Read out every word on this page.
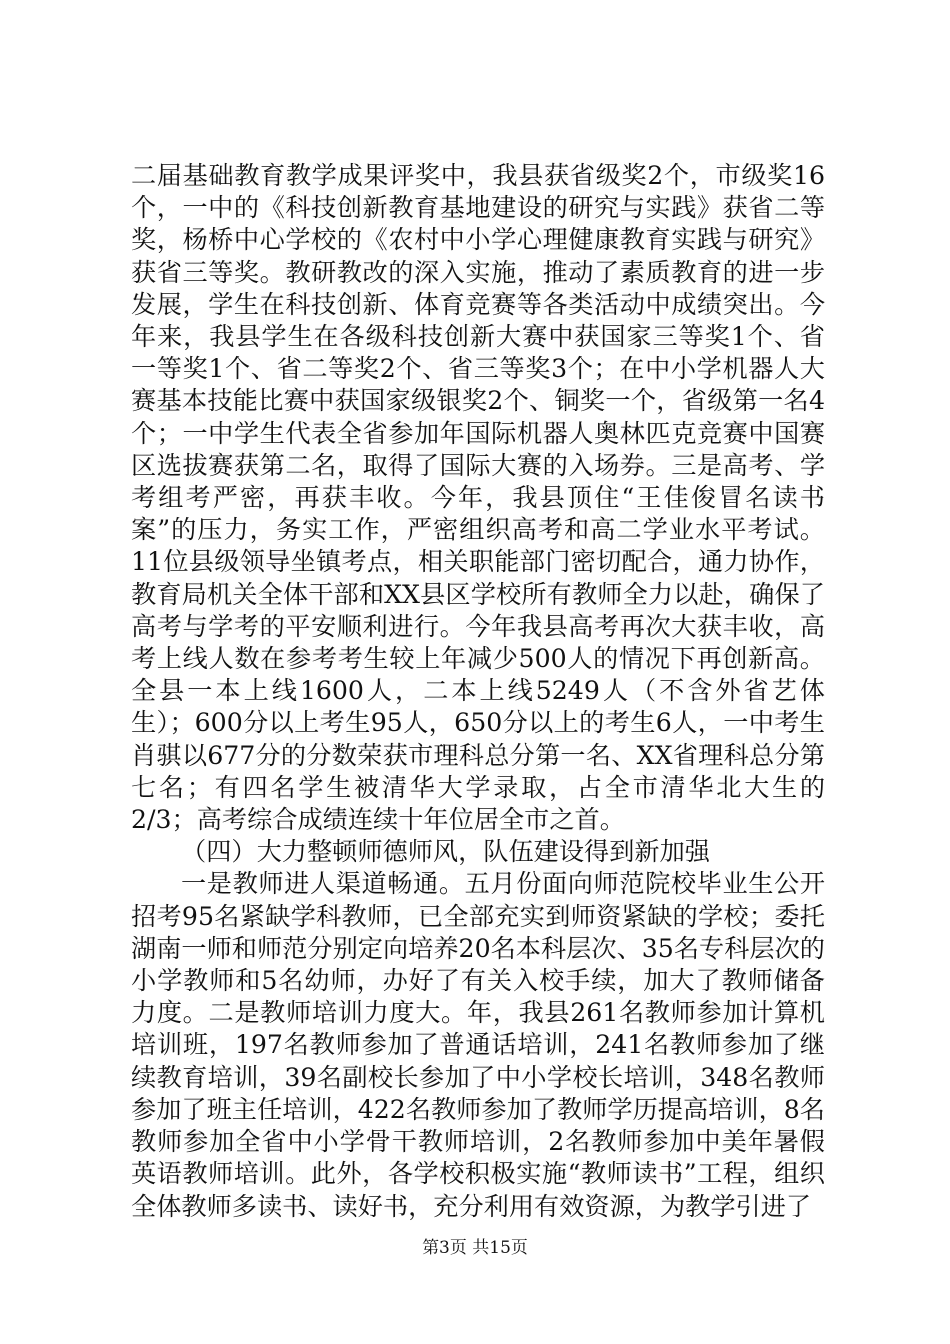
二届基础教育教学成果评奖中，我县获省级奖2个，市级奖16个，一中的《科技创新教育基地建设的研究与实践》获省二等奖，杨桥中心学校的《农村中小学心理健康教育实践与研究》获省三等奖。教研教改的深入实施，推动了素质教育的进一步发展，学生在科技创新、体育竞赛等各类活动中成绩突出。今年来，我县学生在各级科技创新大赛中获国家三等奖1个、省一等奖1个、省二等奖2个、省三等奖3个；在中小学机器人大赛基本技能比赛中获国家级银奖2个、铜奖一个，省级第一名4个；一中学生代表全省参加年国际机器人奥林匹克竞赛中国赛区选拔赛获第二名，取得了国际大赛的入场券。三是高考、学考组考严密，再获丰收。今年，我县顶住“王佳俊冒名读书案”的压力，务实工作，严密组织高考和高二学业水平考试。11位县级领导坐镇考点，相关职能部门密切配合，通力协作，教育局机关全体干部和XX县区学校所有教师全力以赴，确保了高考与学考的平安顺利进行。今年我县高考再次大获丰收，高考上线人数在参考考生较上年减少500人的情况下再创新高。全县一本上线1600人，二本上线5249人（不含外省艺体生）；600分以上考生95人，650分以上的考生6人，一中考生肖骐以677分的分数荣获市理科总分第一名、XX省理科总分第七名；有四名学生被清华大学录取，占全市清华北大生的2/3；高考综合成绩连续十年位居全市之首。

（四）大力整顿师德师风，队伍建设得到新加强

一是教师进人渠道畅通。五月份面向师范院校毕业生公开招考95名紧缺学科教师，已全部充实到师资紧缺的学校；委托湖南一师和师范分别定向培养20名本科层次、35名专科层次的小学教师和5名幼师，办好了有关入校手续，加大了教师储备力度。二是教师培训力度大。年，我县261名教师参加计算机培训班，197名教师参加了普通话培训，241名教师参加了继续教育培训，39名副校长参加了中小学校长培训，348名教师参加了班主任培训，422名教师参加了教师学历提高培训，8名教师参加全省中小学骨干教师培训，2名教师参加中美年暑假英语教师培训。此外，各学校积极实施“教师读书”工程，组织全体教师多读书、读好书，充分利用有效资源，为教学引进了

第3页 共15页
